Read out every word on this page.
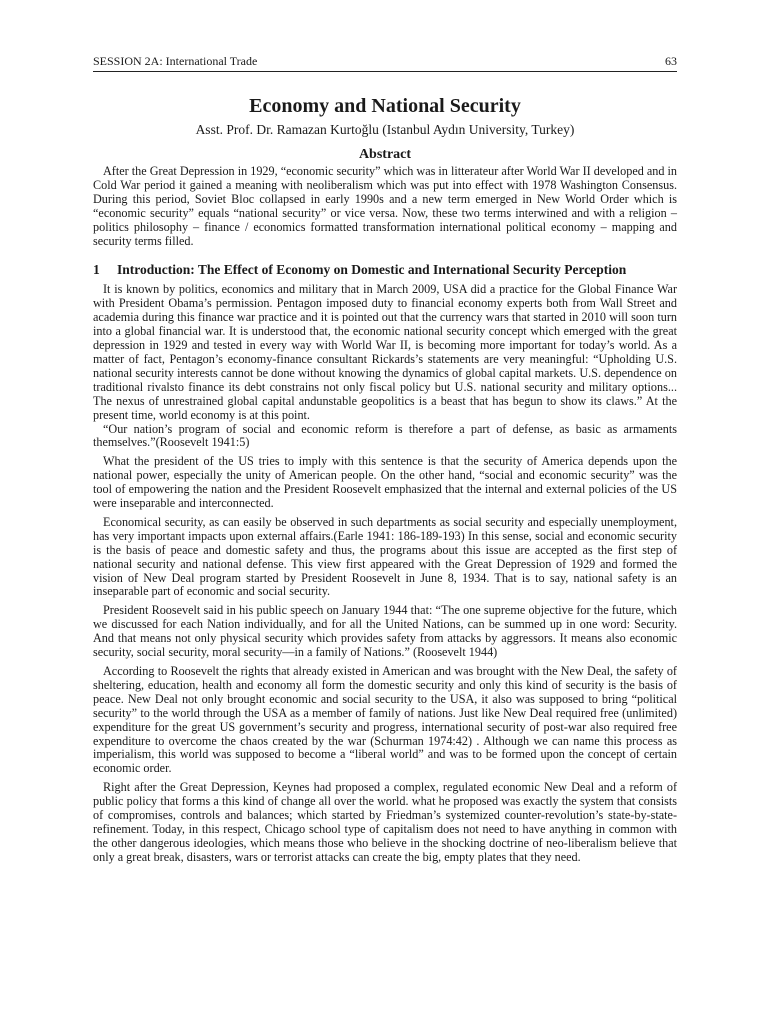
SESSION 2A: International Trade	63
Economy and National Security
Asst. Prof. Dr. Ramazan Kurtoğlu (Istanbul Aydın University, Turkey)
Abstract

After the Great Depression in 1929, “economic security” which was in litterateur after World War II developed and in Cold War period it gained a meaning with neoliberalism which was put into effect with 1978 Washington Consensus. During this period, Soviet Bloc collapsed in early 1990s and a new term emerged in New World Order which is “economic security” equals “national security” or vice versa. Now, these two terms interwined and with a religion – politics philosophy – finance / economics formatted transformation international political economy – mapping and security terms filled.

1	Introduction: The Effect of Economy on Domestic and International Security Perception

It is known by politics, economics and military that in March 2009, USA did a practice for the Global Finance War with President Obama’s permission. Pentagon imposed duty to financial economy experts both from Wall Street and academia during this finance war practice and it is pointed out that the currency wars that started in 2010 will soon turn into a global financial war. It is understood that, the economic national security concept which emerged with the great depression in 1929 and tested in every way with World War II, is becoming more important for today’s world. As a matter of fact, Pentagon’s economy-finance consultant Rickards’s statements are very meaningful: “Upholding U.S. national security interests cannot be done without knowing the dynamics of global capital markets. U.S. dependence on traditional rivalsto finance its debt constrains not only fiscal policy but U.S. national security and military options... The nexus of unrestrained global capital andunstable geopolitics is a beast that has begun to show its claws.” At the present time, world economy is at this point.

“Our nation’s program of social and economic reform is therefore a part of defense, as basic as armaments themselves.”(Roosevelt 1941:5)

What the president of the US tries to imply with this sentence is that the security of America depends upon the national power, especially the unity of American people. On the other hand, “social and economic security” was the tool of empowering the nation and the President Roosevelt emphasized that the internal and external policies of the US were inseparable and interconnected.

Economical security, as can easily be observed in such departments as social security and especially unemployment, has very important impacts upon external affairs.(Earle 1941: 186-189-193) In this sense, social and economic security is the basis of peace and domestic safety and thus, the programs about this issue are accepted as the first step of national security and national defense. This view first appeared with the Great Depression of 1929 and formed the vision of New Deal program started by President Roosevelt in June 8, 1934. That is to say, national safety is an inseparable part of economic and social security.

President Roosevelt said in his public speech on January 1944 that: “The one supreme objective for the future, which we discussed for each Nation individually, and for all the United Nations, can be summed up in one word: Security. And that means not only physical security which provides safety from attacks by aggressors. It means also economic security, social security, moral security—in a family of Nations.” (Roosevelt 1944)

According to Roosevelt the rights that already existed in American and was brought with the New Deal, the safety of sheltering, education, health and economy all form the domestic security and only this kind of security is the basis of peace. New Deal not only brought economic and social security to the USA, it also was supposed to bring “political security” to the world through the USA as a member of family of nations. Just like New Deal required free (unlimited) expenditure for the great US government’s security and progress, international security of post-war also required free expenditure to overcome the chaos created by the war (Schurman 1974:42) . Although we can name this process as imperialism, this world was supposed to become a “liberal world” and was to be formed upon the concept of certain economic order.

Right after the Great Depression, Keynes had proposed a complex, regulated economic New Deal and a reform of public policy that forms a this kind of change all over the world. what he proposed was exactly the system that consists of compromises, controls and balances; which started by Friedman’s systemized counter-revolution’s state-by-state-refinement. Today, in this respect, Chicago school type of capitalism does not need to have anything in common with the other dangerous ideologies, which means those who believe in the shocking doctrine of neo-liberalism believe that only a great break, disasters, wars or terrorist attacks can create the big, empty plates that they need.
